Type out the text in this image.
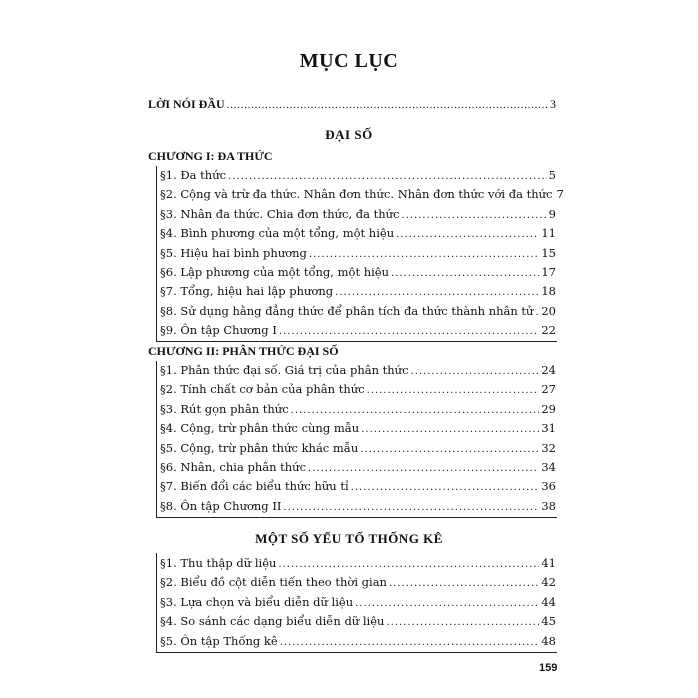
MỤC LỤC
LỜI NÓI ĐẦU .....	3
ĐẠI SỐ
CHƯƠNG I: ĐA THỨC
§1. Đa thức .....	5
§2. Cộng và trừ đa thức. Nhân đơn thức. Nhân đơn thức với đa thức 7
§3. Nhân đa thức. Chia đơn thức, đa thức .....	9
§4. Bình phương của một tổng, một hiệu .....	11
§5. Hiệu hai bình phương .....	15
§6. Lập phương của một tổng, một hiệu .....	17
§7. Tổng, hiệu hai lập phương .....	18
§8. Sử dụng hằng đẳng thức để phân tích đa thức thành nhân tử ..... 20
§9. Ôn tập Chương I .....	22
CHƯƠNG II: PHÂN THỨC ĐẠI SỐ
§1. Phân thức đại số. Giá trị của phân thức .....	24
§2. Tính chất cơ bản của phân thức .....	27
§3. Rút gọn phân thức .....	29
§4. Cộng, trừ phân thức cùng mẫu .....	31
§5. Cộng, trừ phân thức khác mẫu .....	32
§6. Nhân, chia phân thức .....	34
§7. Biến đổi các biểu thức hữu tỉ .....	36
§8. Ôn tập Chương II .....	38
MỘT SỐ YẾU TỐ THỐNG KÊ
§1. Thu thập dữ liệu .....	41
§2. Biểu đồ cột diễn tiến theo thời gian .....	42
§3. Lựa chọn và biểu diễn dữ liệu .....	44
§4. So sánh các dạng biểu diễn dữ liệu .....	45
§5. Ôn tập Thống kê .....	48
159
